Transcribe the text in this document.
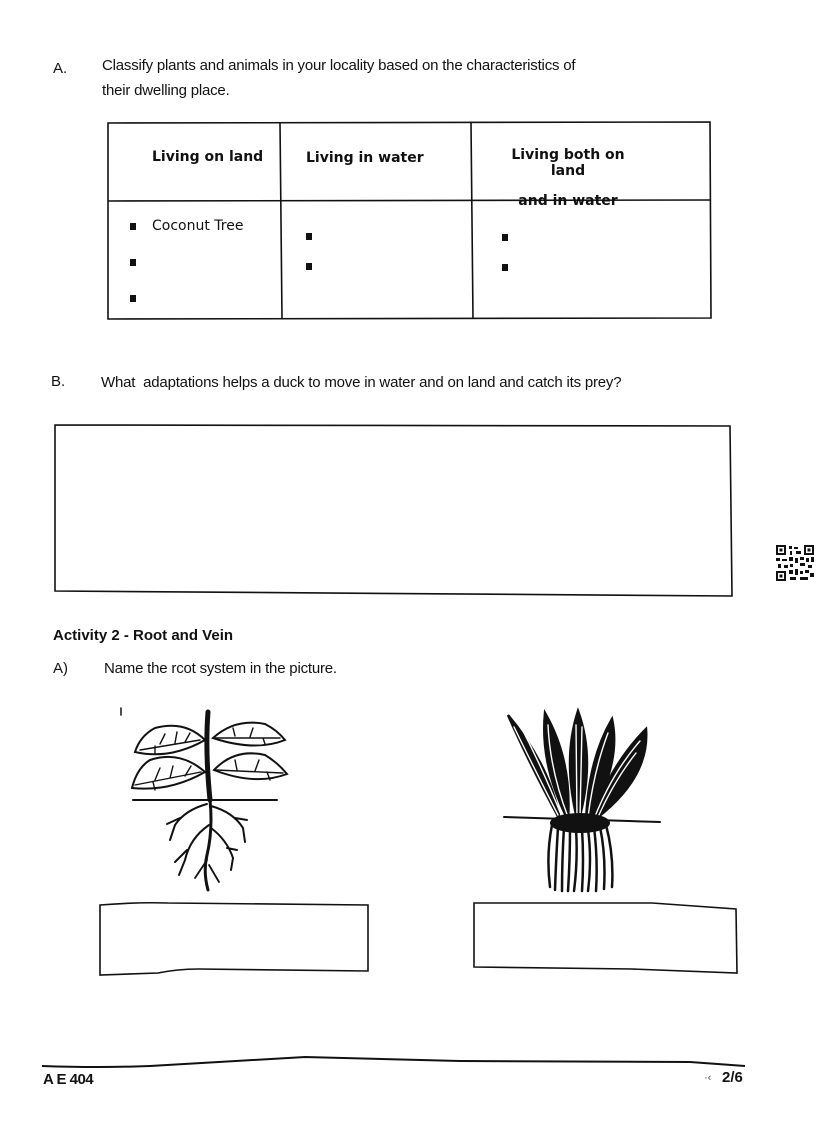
A. Classify plants and animals in your locality based on the characteristics of
their dwelling place.
Living on land	Living in water	Living both on land
and in water
Coconut Tree
B. What  adaptations helps a duck to move in water and on land and catch its prey?
Activity 2 - Root and Vein
A) Name the rcot system in the picture.
A E 404	·‹ 2/6
